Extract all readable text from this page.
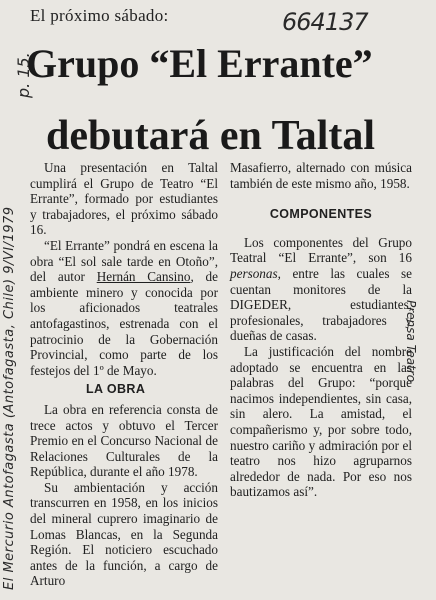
El próximo sábado:
Grupo “El Errante”
debutará en Taltal
664137
p. 15.
El Mercurio Antofagasta (Antofagasta, Chile) 9/VI/1979	Prensa Teatro

Una presentación en Taltal cumplirá el Grupo de Teatro “El Errante”, formado por estudiantes y trabajadores, el próximo sábado 16.

“El Errante” pondrá en escena la obra “El sol sale tarde en Otoño”, del autor Hernán Cansino, de ambiente minero y conocida por los aficionados teatrales antofagastinos, estrenada con el patrocinio de la Gobernación Provincial, como parte de los festejos del 1º de Mayo.

LA OBRA

La obra en referencia consta de trece actos y obtuvo el Tercer Premio en el Concurso Nacional de Relaciones Culturales de la República, durante el año 1978.

Su ambientación y acción transcurren en 1958, en los inicios del mineral cuprero imaginario de Lomas Blancas, en la Segunda Región. El noticiero escuchado antes de la función, a cargo de Arturo

Masafierro, alternado con música también de este mismo año, 1958.

COMPONENTES

Los componentes del Grupo Teatral “El Errante”, son 16 personas, entre las cuales se cuentan monitores de la DIGEDER, estudiantes, profesionales, trabajadores y dueñas de casas.

La justificación del nombre adoptado se encuentra en las palabras del Grupo: “porque nacimos independientes, sin casa, sin alero. La amistad, el compañerismo y, por sobre todo, nuestro cariño y admiración por el teatro nos hizo agruparnos alrededor de nada. Por eso nos bautizamos así”.
